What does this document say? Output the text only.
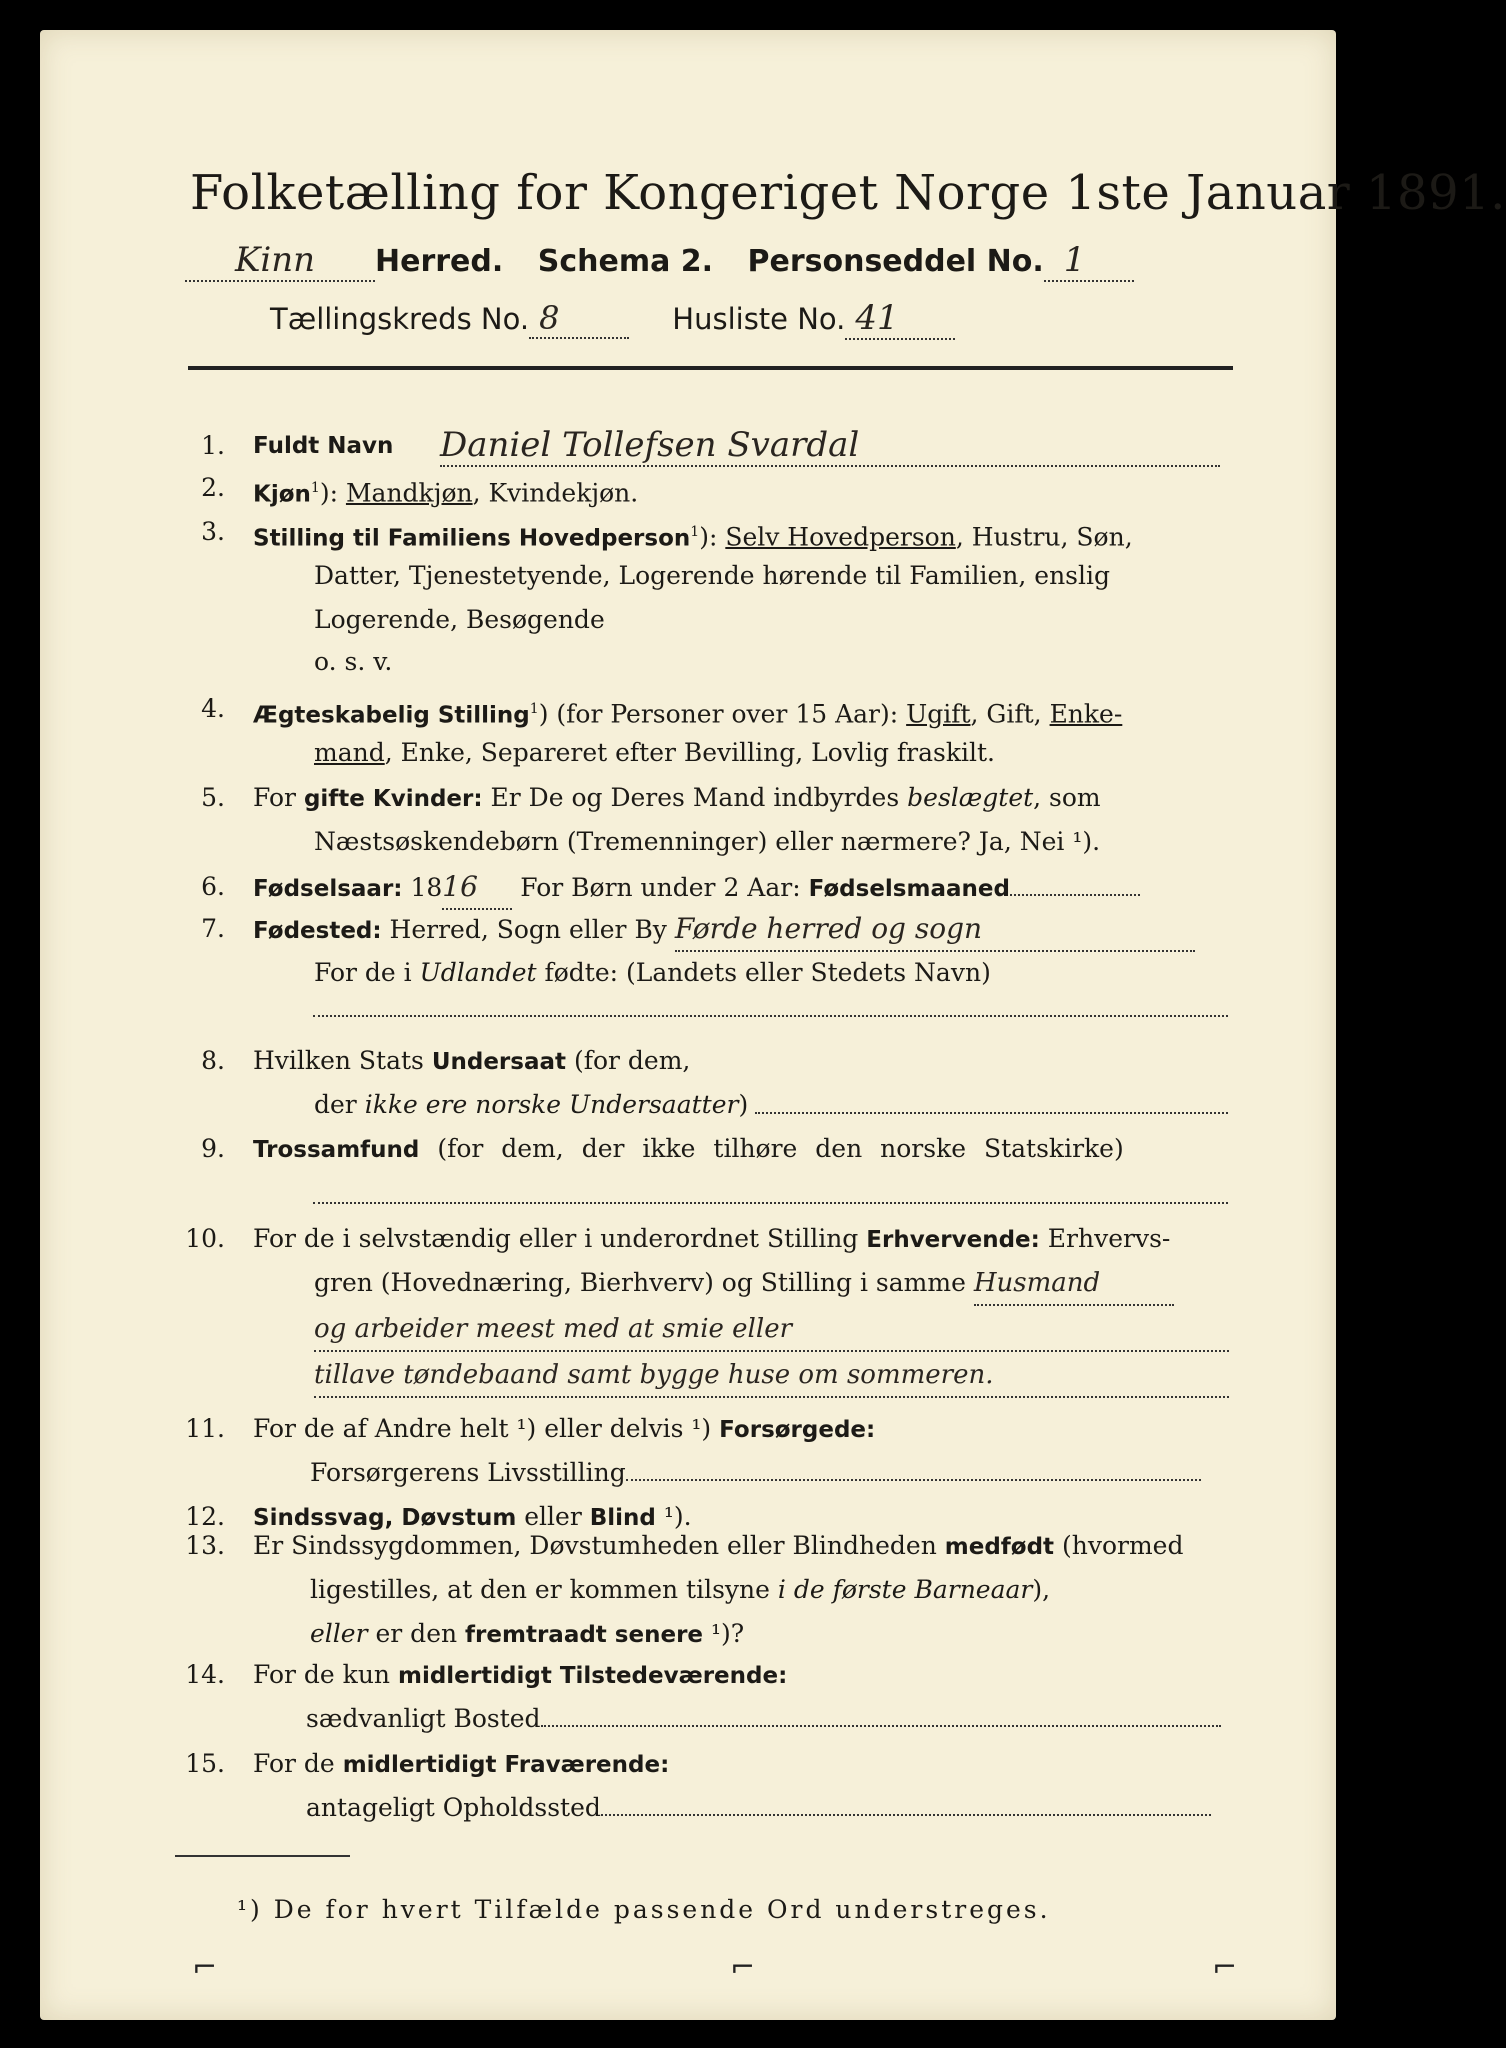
Folketælling for Kongeriget Norge 1ste Januar 1891.
Kinn Herred. Schema 2. Personseddel No. 1
Tællingskreds No. 8	Husliste No. 41
1. Fuldt Navn Daniel Tollefsen Svardal
2. Kjøn$^1$): Mandkjøn, Kvindekjøn.
3. Stilling til Familiens Hovedperson$^1$): Selv Hovedperson, Hustru, Søn,
Datter, Tjenestetyende, Logerende hørende til Familien, enslig
Logerende, Besøgende
o. s. v.
4. Ægteskabelig Stilling$^1$) (for Personer over 15 Aar): Ugift, Gift, Enke-
mand, Enke, Separeret efter Bevilling, Lovlig fraskilt.
5. For gifte Kvinder: Er De og Deres Mand indbyrdes beslægtet, som
Næstsøskendebørn (Tremenninger) eller nærmere? Ja, Nei ¹).
6. Fødselsaar: 1816 For Børn under 2 Aar: Fødselsmaaned
7. Fødested: Herred, Sogn eller By Førde herred og sogn
For de i Udlandet fødte: (Landets eller Stedets Navn)
8. Hvilken Stats Undersaat (for dem,
der ikke ere norske Undersaatter)
9. Trossamfund (for dem, der ikke tilhøre den norske Statskirke)
10. For de i selvstændig eller i underordnet Stilling Erhvervende: Erhvervs-
gren (Hovednæring, Bierhverv) og Stilling i samme Husmand
og arbeider meest med at smie eller
tillave tøndebaand samt bygge huse om sommeren.
11. For de af Andre helt ¹) eller delvis ¹) Forsørgede:
Forsørgerens Livsstilling
12. Sindssvag, Døvstum eller Blind ¹).
13. Er Sindssygdommen, Døvstumheden eller Blindheden medfødt (hvormed
ligestilles, at den er kommen tilsyne i de første Barneaar),
eller er den fremtraadt senere ¹)?
14. For de kun midlertidigt Tilstedeværende:
sædvanligt Bosted
15. For de midlertidigt Fraværende:
antageligt Opholdssted
¹) De for hvert Tilfælde passende Ord understreges.
⌐	⌐	⌐
